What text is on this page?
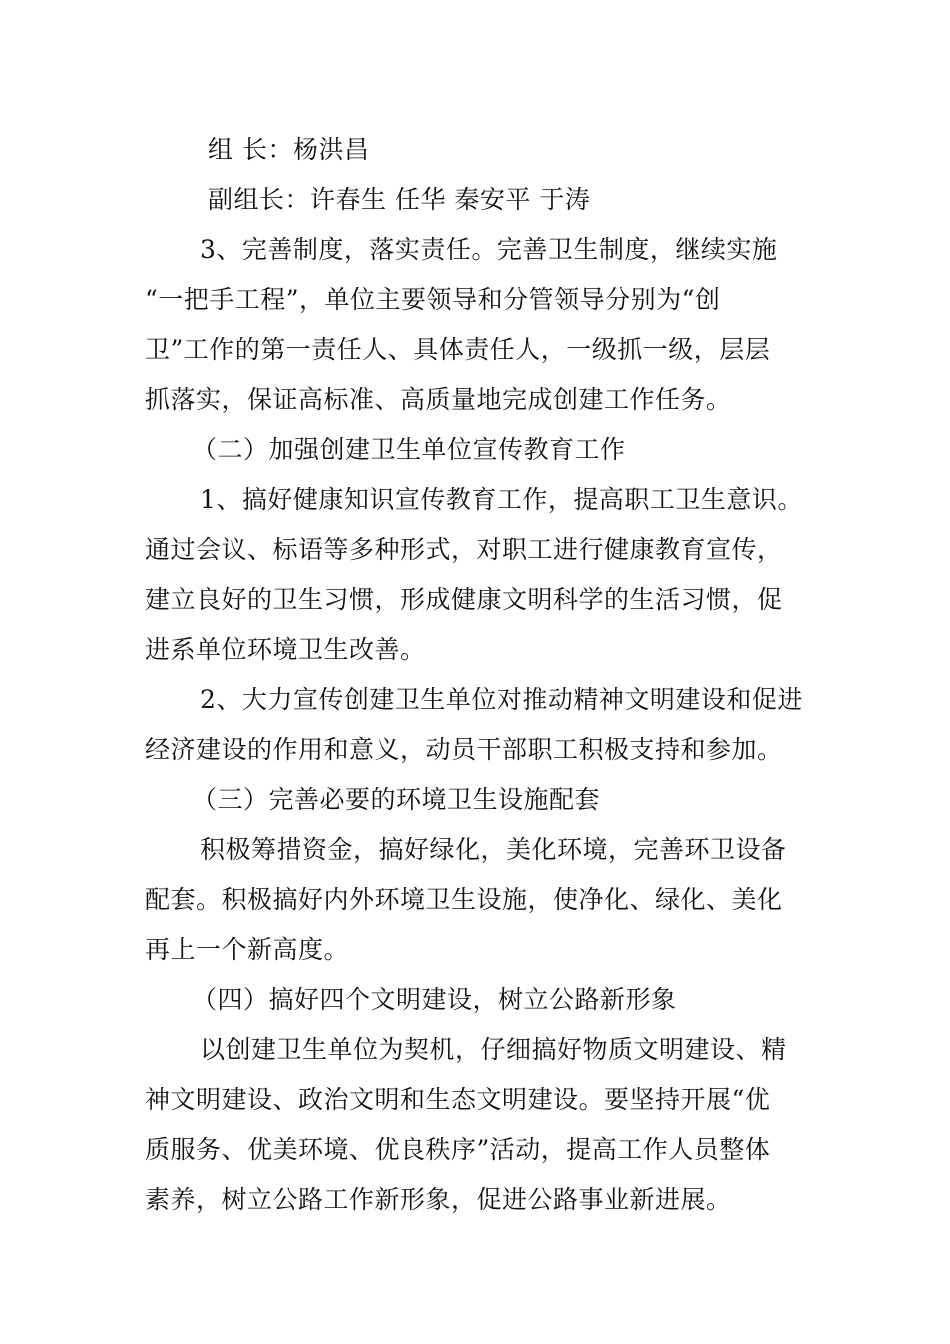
组 长：杨洪昌
副组长：许春生 任华 秦安平 于涛
3、完善制度，落实责任。完善卫生制度，继续实施
“一把手工程”，单位主要领导和分管领导分别为“创
卫”工作的第一责任人、具体责任人，一级抓一级，层层
抓落实，保证高标准、高质量地完成创建工作任务。
（二）加强创建卫生单位宣传教育工作
1、搞好健康知识宣传教育工作，提高职工卫生意识。
通过会议、标语等多种形式，对职工进行健康教育宣传，
建立良好的卫生习惯，形成健康文明科学的生活习惯，促
进系单位环境卫生改善。
2、大力宣传创建卫生单位对推动精神文明建设和促进
经济建设的作用和意义，动员干部职工积极支持和参加。
（三）完善必要的环境卫生设施配套
积极筹措资金，搞好绿化，美化环境，完善环卫设备
配套。积极搞好内外环境卫生设施，使净化、绿化、美化
再上一个新高度。
（四）搞好四个文明建设，树立公路新形象
以创建卫生单位为契机，仔细搞好物质文明建设、精
神文明建设、政治文明和生态文明建设。要坚持开展“优
质服务、优美环境、优良秩序”活动，提高工作人员整体
素养，树立公路工作新形象，促进公路事业新进展。
